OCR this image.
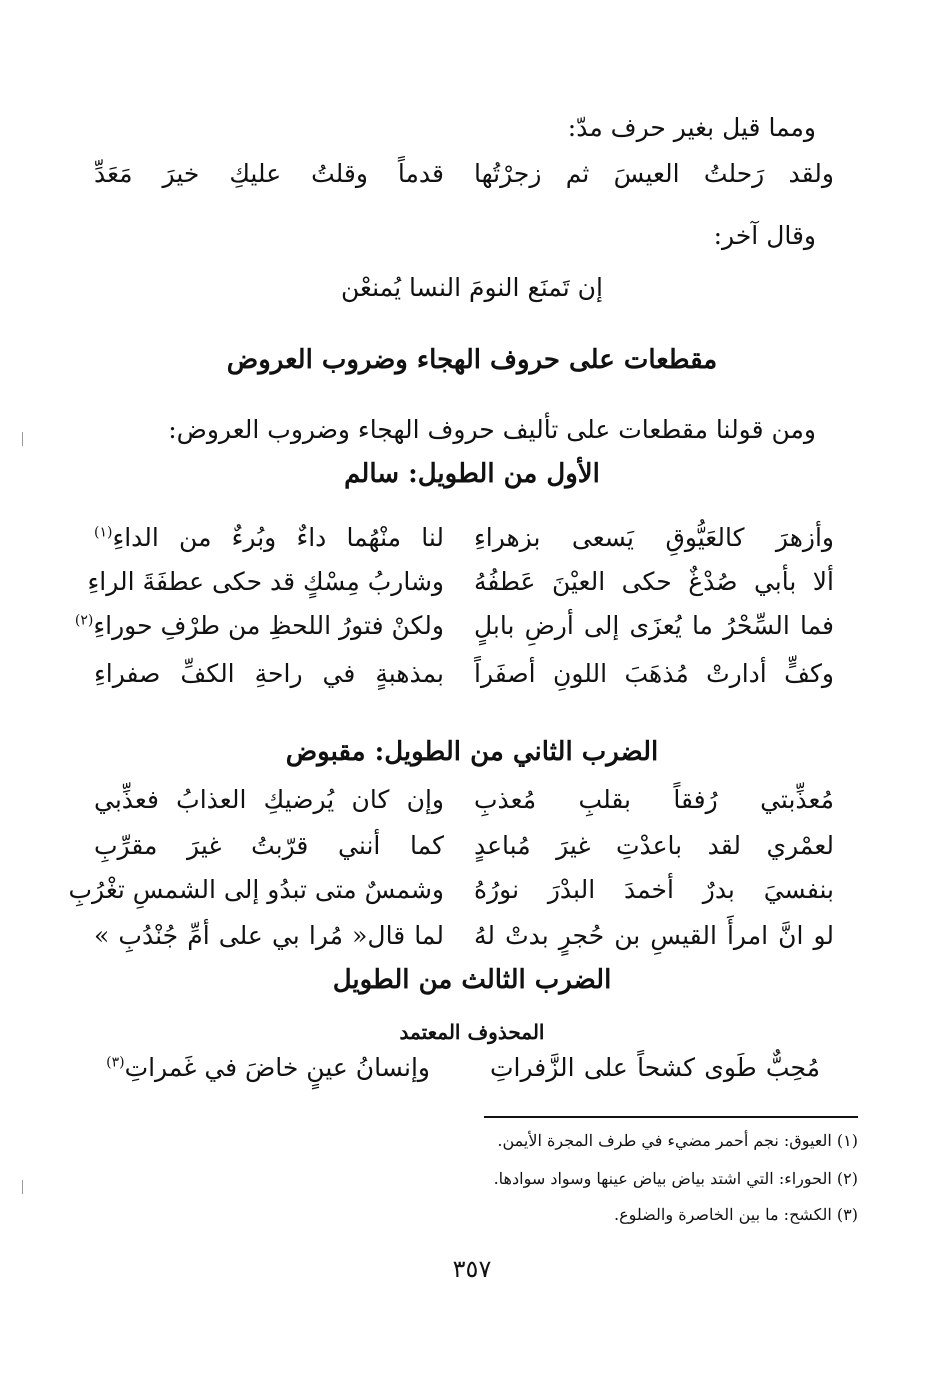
ومما قيل بغير حرف مدّ:
ولقد رَحلتُ العيسَ ثم زجرْتُها
قدماً وقلتُ عليكِ خيرَ مَعَدِّ
وقال آخر:
إن تَمنَع النومَ النسا يُمنعْن
مقطعات على حروف الهجاء وضروب العروض
ومن قولنا مقطعات على تأليف حروف الهجاء وضروب العروض:
الأول من الطويل: سالم
وأزهرَ كالعَيُّوقِ يَسعى بزهراءِ
لنا منْهُما داءٌ وبُرءٌ من الداءِ$^{(١)}$
ألا بأبي صُدْغٌ حكى العيْنَ عَطفُهُ
وشاربُ مِسْكٍ قد حكى عطفَةَ الراءِ
فما السِّحْرُ ما يُعزَى إلى أرضِ بابلٍ
ولكنْ فتورُ اللحظِ من طرْفِ حوراءِ$^{(٢)}$
وكفٍّ أدارتْ مُذهَبَ اللونِ أصفَراً
بمذهبةٍ في راحةِ الكفِّ صفراءِ
الضرب الثاني من الطويل: مقبوض
مُعذِّبتي رُفقاً بقلبِ مُعذبِ
وإن كان يُرضيكِ العذابُ فعذِّبي
لعمْري لقد باعدْتِ غيرَ مُباعدٍ
كما أنني قرّبتُ غيرَ مقرِّبِ
بنفسيَ بدرٌ أخمدَ البدْرَ نورُهُ
وشمسٌ متى تبدُو إلى الشمسِ تغْرُبِ
لو انَّ امرأَ القيسِ بن حُجرٍ بدتْ لهُ
لما قال« مُرا بي على أمِّ جُنْدُبِ »
الضرب الثالث من الطويل
المحذوف المعتمد
مُحِبٌّ طَوى كشحاً على الزَّفراتِ
وإنسانُ عينٍ خاضَ في غَمراتِ$^{(٣)}$
(١) العيوق: نجم أحمر مضيء في طرف المجرة الأيمن.
(٢) الحوراء: التي اشتد بياض بياض عينها وسواد سوادها.
(٣) الكشح: ما بين الخاصرة والضلوع.
٣٥٧
